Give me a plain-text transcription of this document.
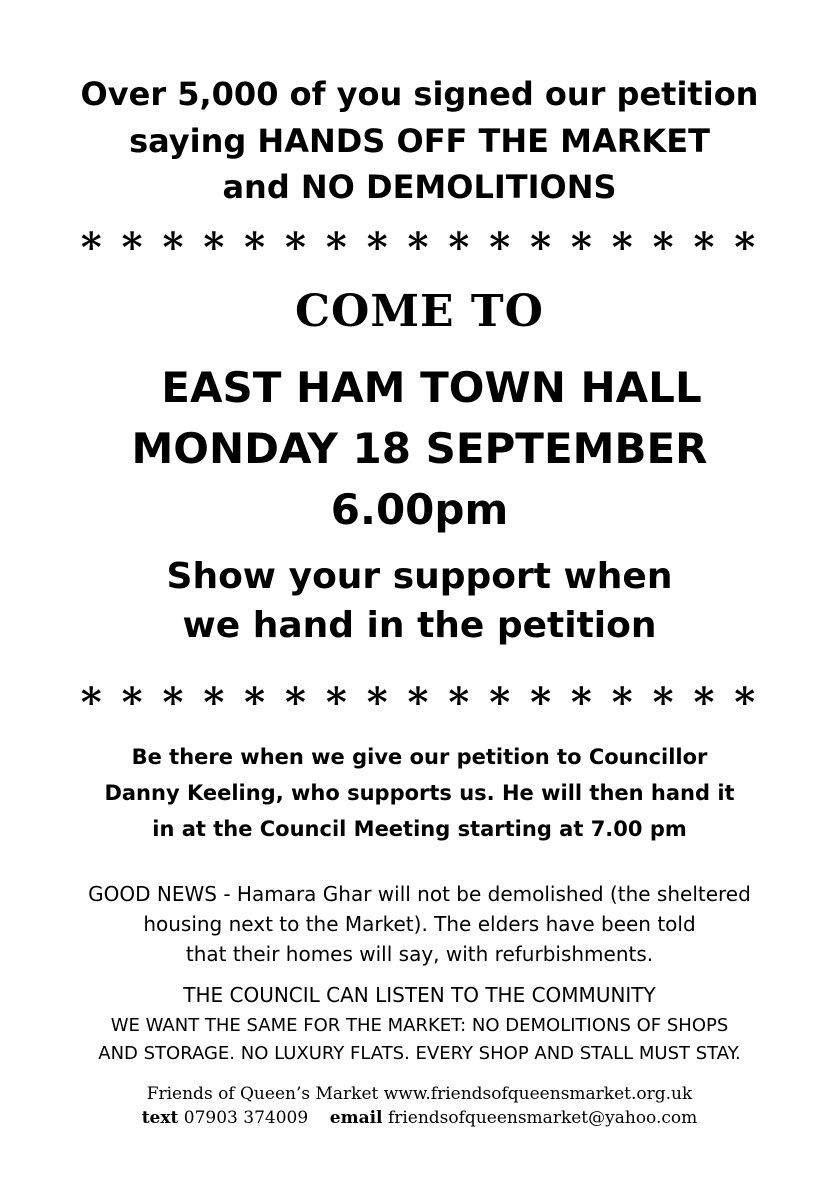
Over 5,000 of you signed our petition
saying HANDS OFF THE MARKET
and NO DEMOLITIONS
* * * * * * * * * * * * * * * * *
COME TO
EAST HAM TOWN HALL
MONDAY 18 SEPTEMBER
6.00pm
Show your support when
we hand in the petition
* * * * * * * * * * * * * * * * *
Be there when we give our petition to Councillor
Danny Keeling, who supports us. He will then hand it
in at the Council Meeting starting at 7.00 pm
GOOD NEWS - Hamara Ghar will not be demolished (the sheltered
housing next to the Market). The elders have been told
that their homes will say, with refurbishments.
THE COUNCIL CAN LISTEN TO THE COMMUNITY
WE WANT THE SAME FOR THE MARKET: NO DEMOLITIONS OF SHOPS
AND STORAGE. NO LUXURY FLATS. EVERY SHOP AND STALL MUST STAY.
Friends of Queen’s Market www.friendsofqueensmarket.org.uk
text 07903 374009 email friendsofqueensmarket@yahoo.com
